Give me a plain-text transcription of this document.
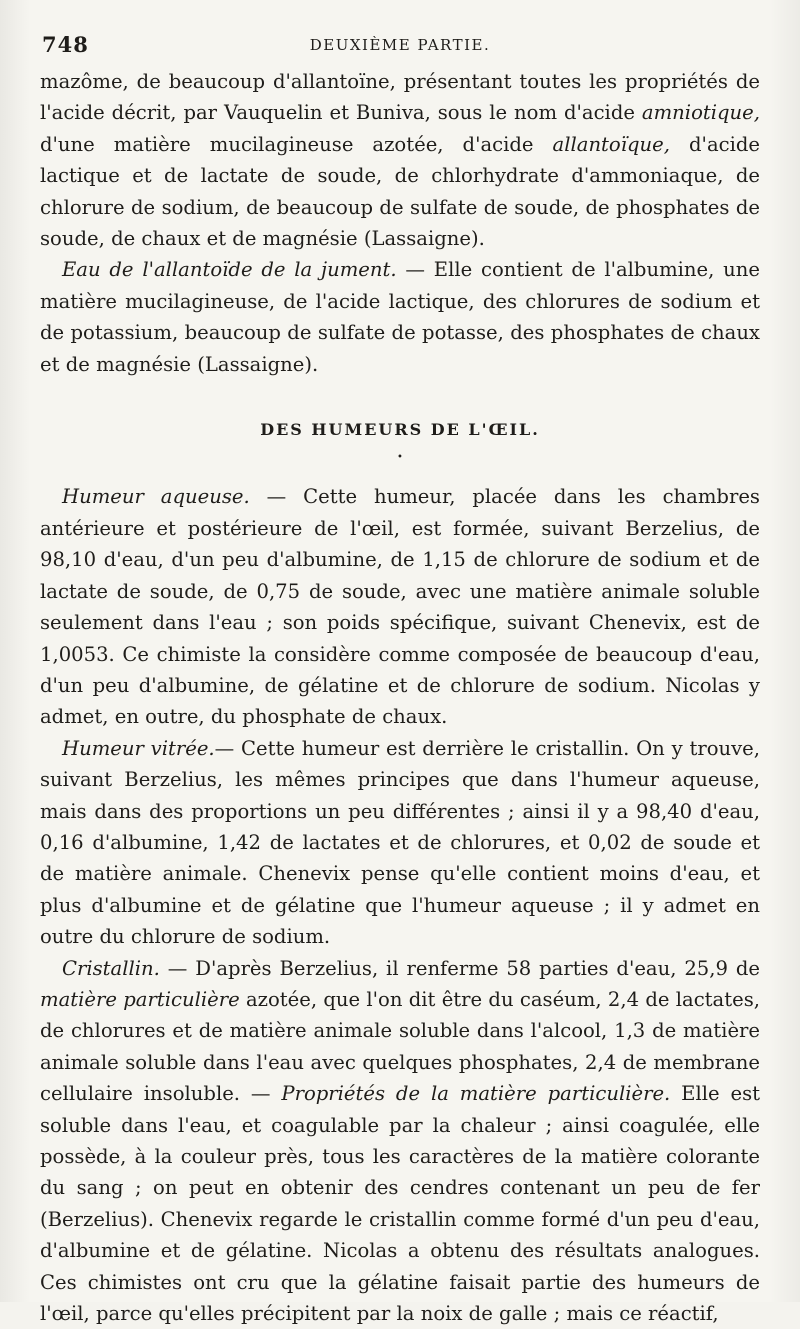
748	DEUXIÈME PARTIE.

mazôme, de beaucoup d'allantoïne, présentant toutes les propriétés de l'acide décrit, par Vauquelin et Buniva, sous le nom d'acide amniotique, d'une matière mucilagineuse azotée, d'acide allantoïque, d'acide lactique et de lactate de soude, de chlorhydrate d'ammoniaque, de chlorure de sodium, de beaucoup de sulfate de soude, de phosphates de soude, de chaux et de magnésie (Lassaigne).

Eau de l'allantoïde de la jument. — Elle contient de l'albumine, une matière mucilagineuse, de l'acide lactique, des chlorures de sodium et de potassium, beaucoup de sulfate de potasse, des phosphates de chaux et de magnésie (Lassaigne).

DES HUMEURS DE L'ŒIL.
•

Humeur aqueuse. — Cette humeur, placée dans les chambres antérieure et postérieure de l'œil, est formée, suivant Berzelius, de 98,10 d'eau, d'un peu d'albumine, de 1,15 de chlorure de sodium et de lactate de soude, de 0,75 de soude, avec une matière animale soluble seulement dans l'eau ; son poids spécifique, suivant Chenevix, est de 1,0053. Ce chimiste la considère comme composée de beaucoup d'eau, d'un peu d'albumine, de gélatine et de chlorure de sodium. Nicolas y admet, en outre, du phosphate de chaux.

Humeur vitrée.— Cette humeur est derrière le cristallin. On y trouve, suivant Berzelius, les mêmes principes que dans l'humeur aqueuse, mais dans des proportions un peu différentes ; ainsi il y a 98,40 d'eau, 0,16 d'albumine, 1,42 de lactates et de chlorures, et 0,02 de soude et de matière animale. Chenevix pense qu'elle contient moins d'eau, et plus d'albumine et de gélatine que l'humeur aqueuse ; il y admet en outre du chlorure de sodium.

Cristallin. — D'après Berzelius, il renferme 58 parties d'eau, 25,9 de matière particulière azotée, que l'on dit être du caséum, 2,4 de lactates, de chlorures et de matière animale soluble dans l'alcool, 1,3 de matière animale soluble dans l'eau avec quelques phosphates, 2,4 de membrane cellulaire insoluble. — Propriétés de la matière particulière. Elle est soluble dans l'eau, et coagulable par la chaleur ; ainsi coagulée, elle possède, à la couleur près, tous les caractères de la matière colorante du sang ; on peut en obtenir des cendres contenant un peu de fer (Berzelius). Chenevix regarde le cristallin comme formé d'un peu d'eau, d'albumine et de gélatine. Nicolas a obtenu des résultats analogues. Ces chimistes ont cru que la gélatine faisait partie des humeurs de l'œil, parce qu'elles précipitent par la noix de galle ; mais ce réactif,
